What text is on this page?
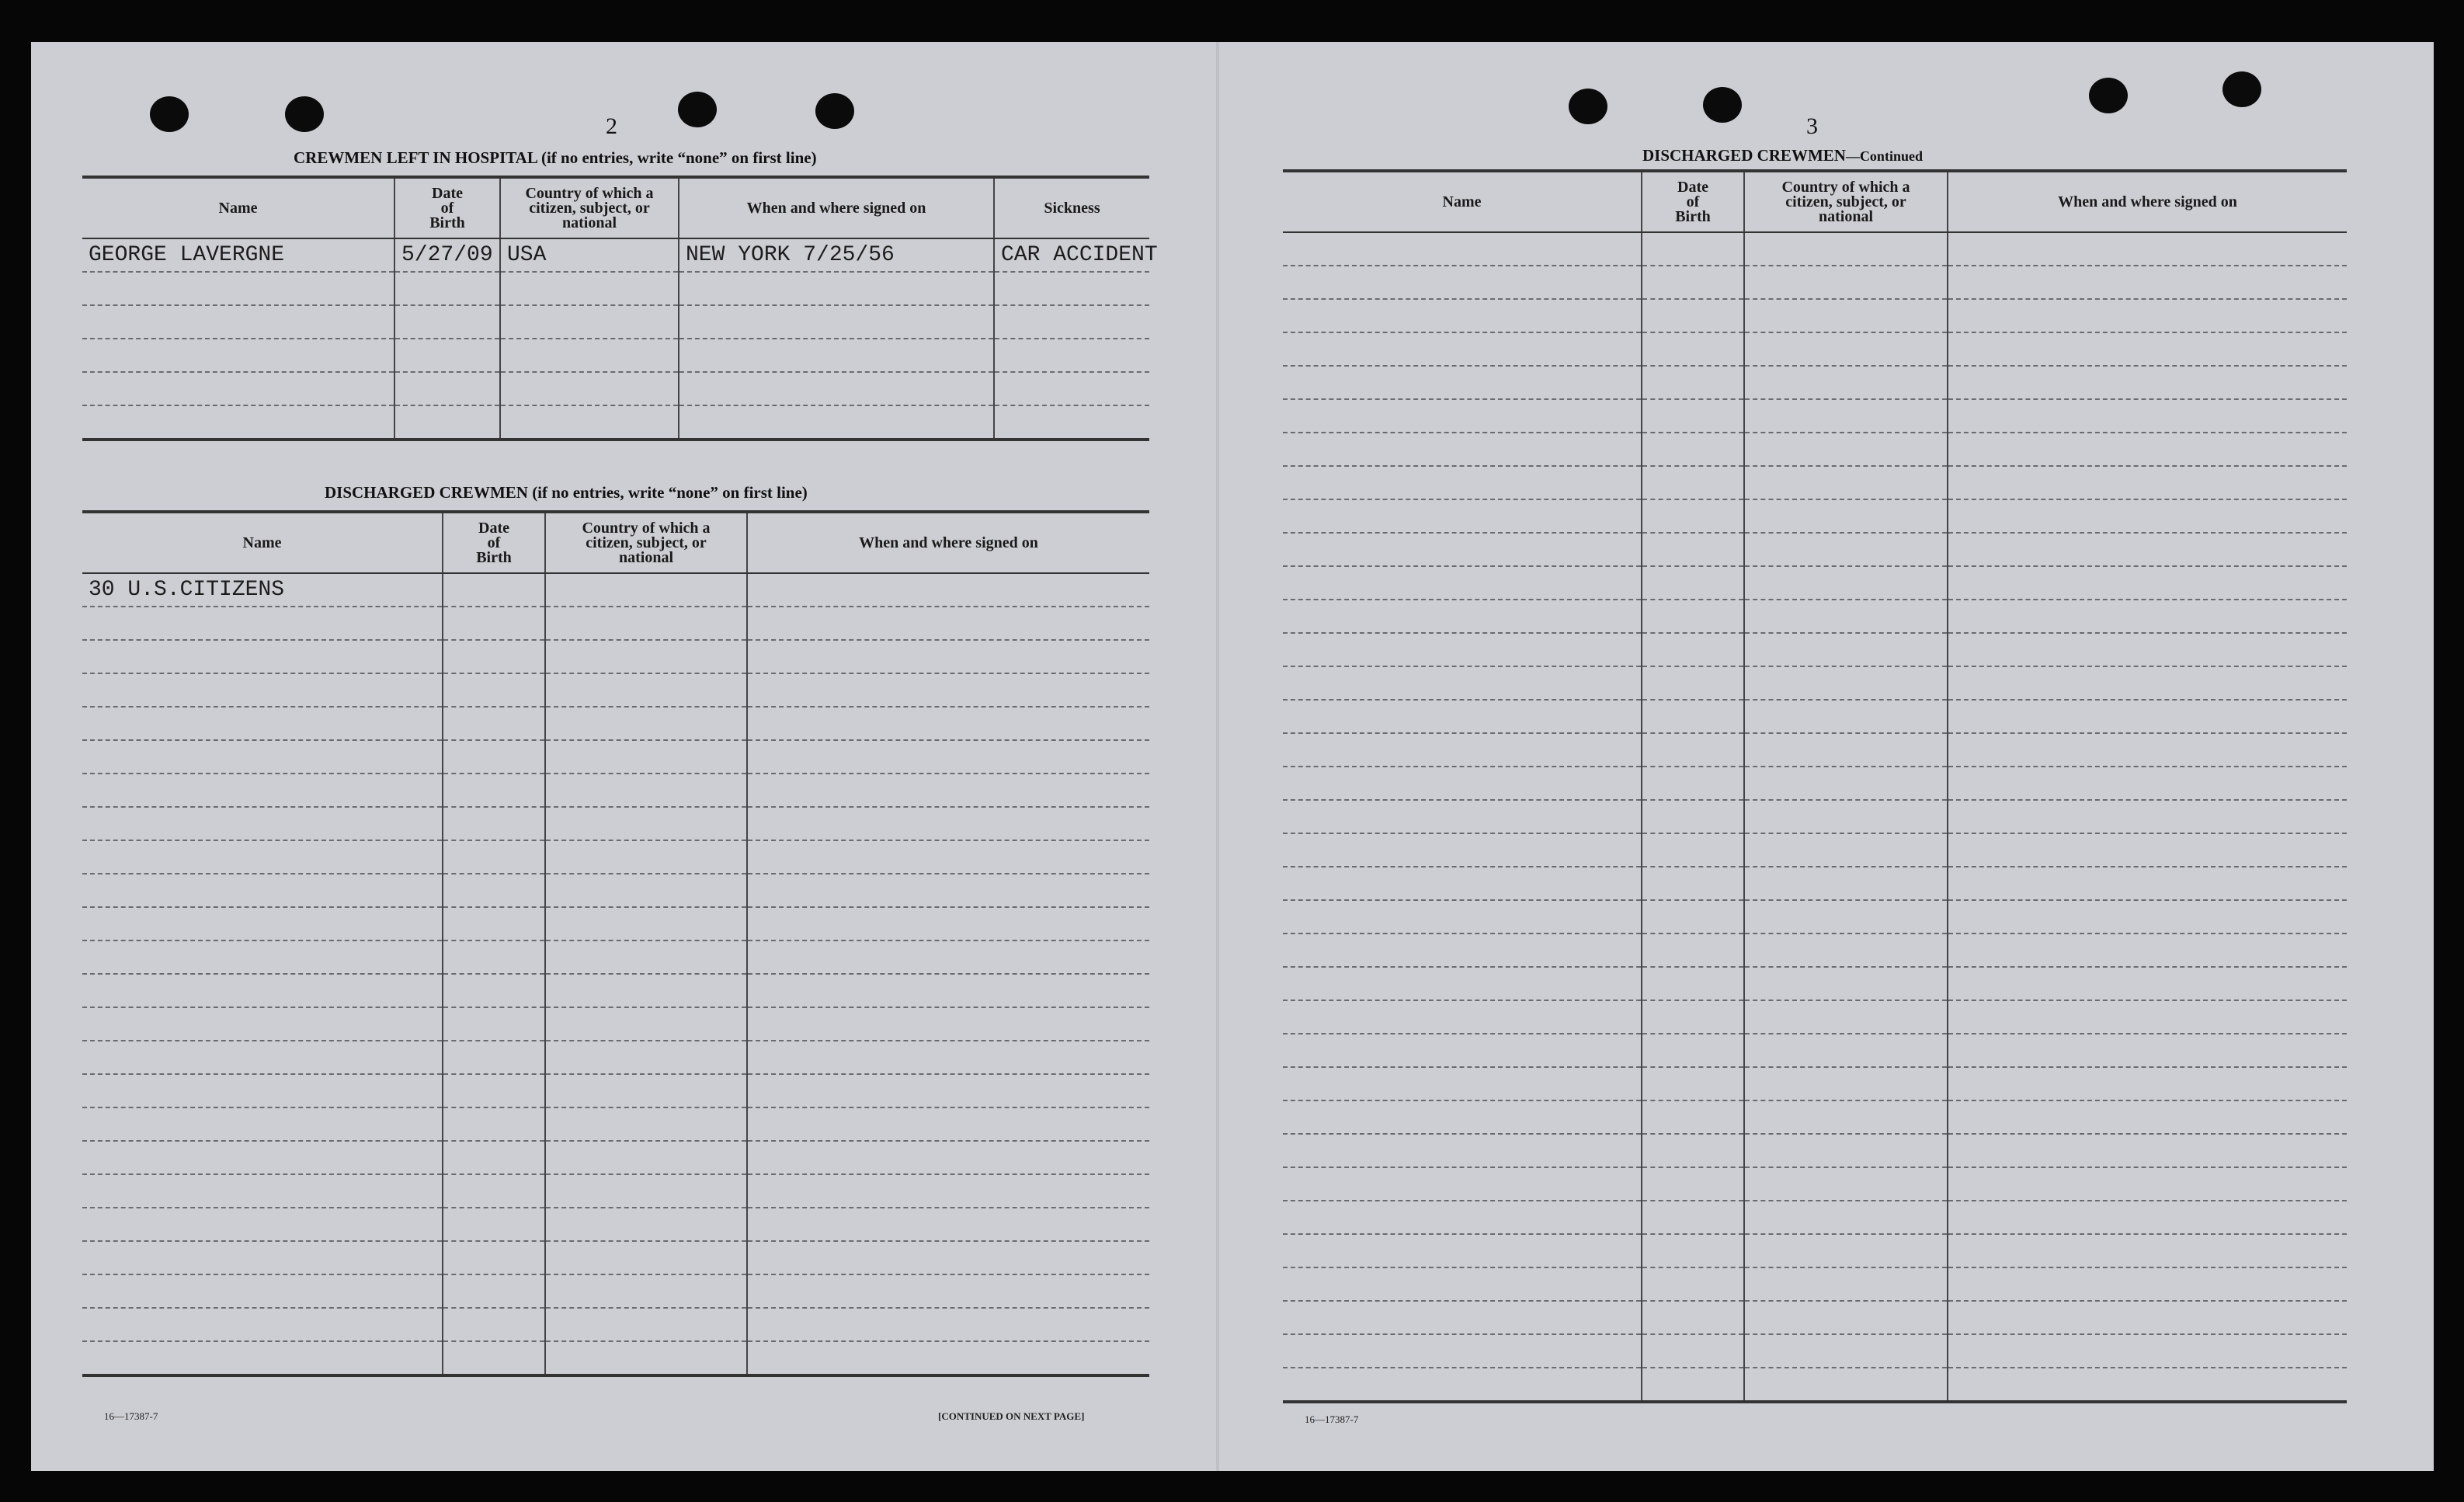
2
CREWMEN LEFT IN HOSPITAL (if no entries, write “none” on first line)
Name	Date
of
Birth	Country of which a
citizen, subject, or
national	When and where signed on	Sickness
GEORGE LAVERGNE	5/27/09	USA	NEW YORK 7/25/56	CAR ACCIDENT

DISCHARGED CREWMEN (if no entries, write “none” on first line)
Name	Date
of
Birth	Country of which a
citizen, subject, or
national	When and where signed on
30 U.S.CITIZENS			

16—17387-7	[CONTINUED ON NEXT PAGE]
3
DISCHARGED CREWMEN—Continued
Name	Date
of
Birth	Country of which a
citizen, subject, or
national	When and where signed on

16—17387-7
